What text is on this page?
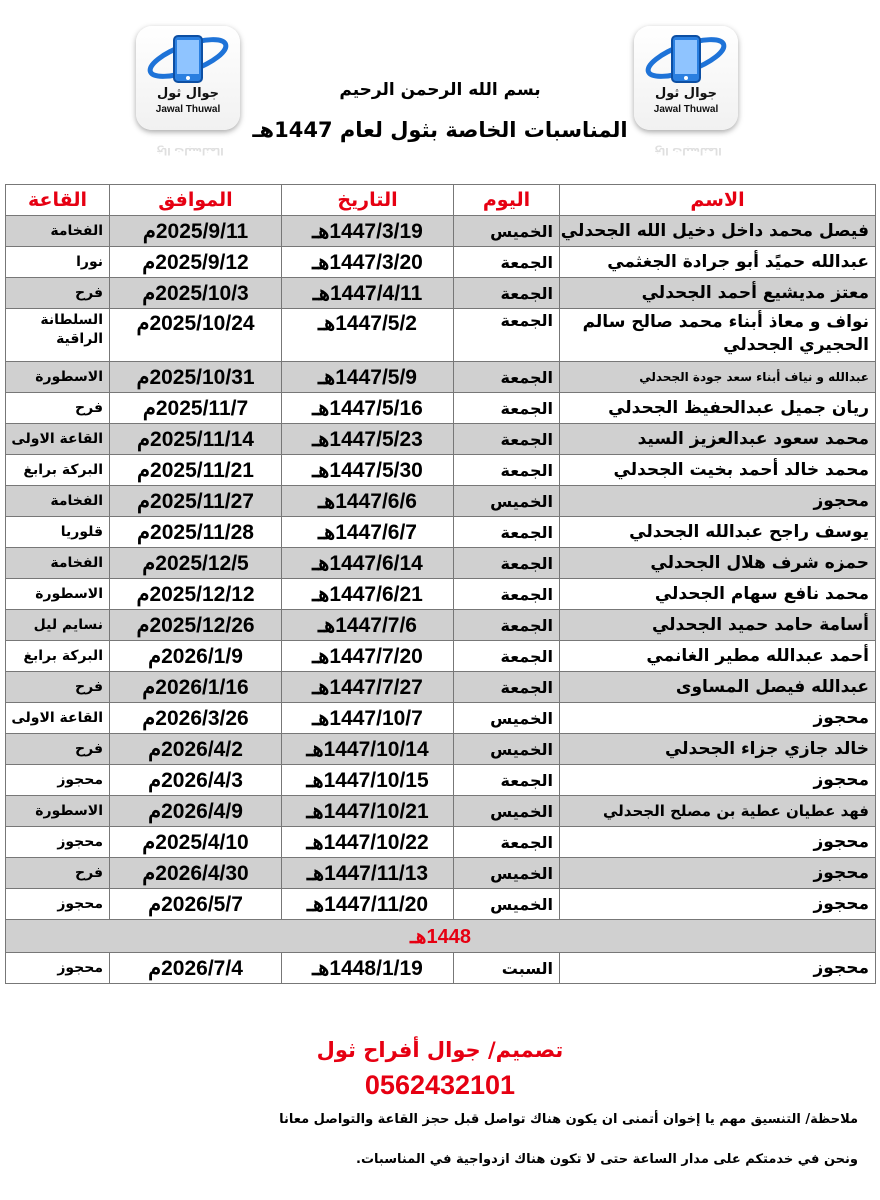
جوال ثول
Jawal Thuwal
المناسبات الخ
جوال ثول
Jawal Thuwal
المناسبات الخ
بسم الله الرحمن الرحيم
المناسبات الخاصة بثول لعام 1447هـ
الاسم	اليوم	التاريخ	الموافق	القاعة
فيصل محمد داخل دخيل الله الجحدلي	الخميس	1447/3/19هـ	2025/9/11م	الفخامة
عبدالله حميًد أبو جرادة الجغثمي	الجمعة	1447/3/20هـ	2025/9/12م	نورا
معتز مديشيع أحمد الجحدلي	الجمعة	1447/4/11هـ	2025/10/3م	فرح
نواف و معاذ أبناء محمد صالح سالم الحجيري الجحدلي	الجمعة	1447/5/2هـ	2025/10/24م	السلطانة الراقية
عبدالله و نياف أبناء سعد جودة الجحدلي	الجمعة	1447/5/9هـ	2025/10/31م	الاسطورة
ريان جميل عبدالحفيظ الجحدلي	الجمعة	1447/5/16هـ	2025/11/7م	فرح
محمد سعود عبدالعزيز السيد	الجمعة	1447/5/23هـ	2025/11/14م	القاعة الاولى
محمد خالد أحمد بخيت الجحدلي	الجمعة	1447/5/30هـ	2025/11/21م	البركة برابغ
محجوز	الخميس	1447/6/6هـ	2025/11/27م	الفخامة
يوسف راجح عبدالله الجحدلي	الجمعة	1447/6/7هـ	2025/11/28م	قلوريا
حمزه شرف هلال الجحدلي	الجمعة	1447/6/14هـ	2025/12/5م	الفخامة
محمد نافع سهام الجحدلي	الجمعة	1447/6/21هـ	2025/12/12م	الاسطورة
أسامة حامد حميد الجحدلي	الجمعة	1447/7/6هـ	2025/12/26م	نسايم ليل
أحمد عبدالله مطير الغانمي	الجمعة	1447/7/20هـ	2026/1/9م	البركة برابغ
عبدالله فيصل المساوى	الجمعة	1447/7/27هـ	2026/1/16م	فرح
محجوز	الخميس	1447/10/7هـ	2026/3/26م	القاعة الاولى
خالد جازي جزاء الجحدلي	الخميس	1447/10/14هـ	2026/4/2م	فرح
محجوز	الجمعة	1447/10/15هـ	2026/4/3م	محجوز
فهد عطيان عطية بن مصلح الجحدلي	الخميس	1447/10/21هـ	2026/4/9م	الاسطورة
محجوز	الجمعة	1447/10/22هـ	2025/4/10م	محجوز
محجوز	الخميس	1447/11/13هـ	2026/4/30م	فرح
محجوز	الخميس	1447/11/20هـ	2026/5/7م	محجوز
1448هـ				
محجوز	السبت	1448/1/19هـ	2026/7/4م	محجوز
تصميم/ جوال أفراح ثول
0562432101
ملاحظة/ التنسيق مهم يا إخوان أتمنى ان يكون هناك تواصل قبل حجز القاعة والتواصل معانا
ونحن في خدمتكم على مدار الساعة حتى لا تكون هناك ازدواجية في المناسبات.
